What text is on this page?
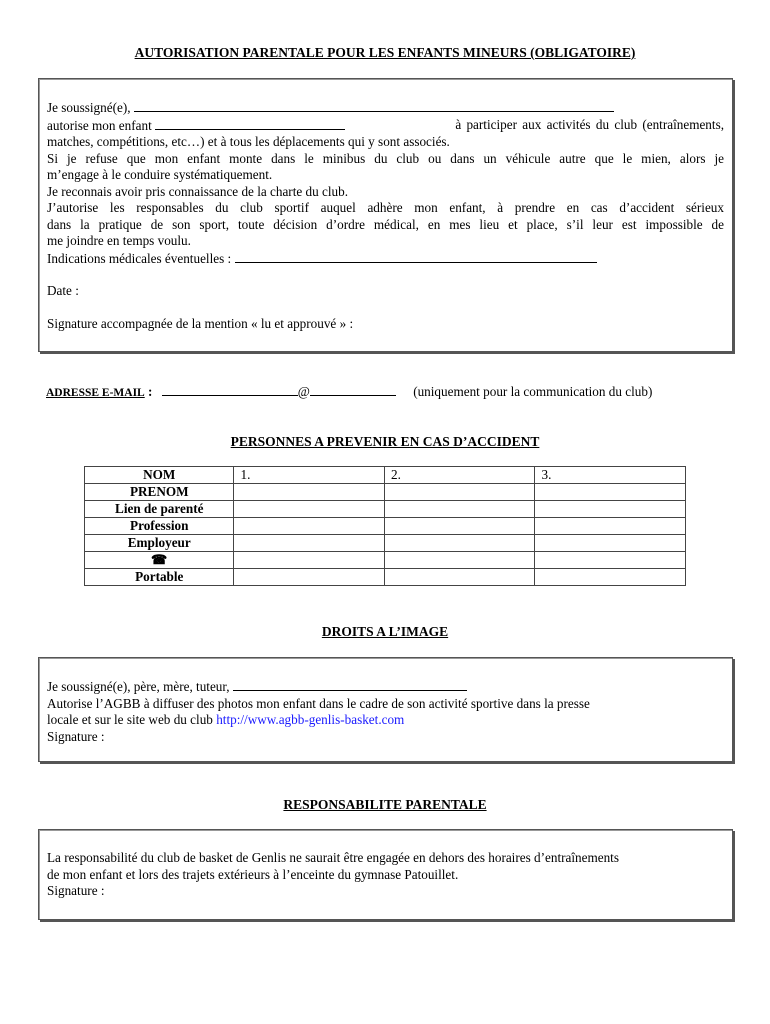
AUTORISATION PARENTALE POUR LES ENFANTS MINEURS (OBLIGATOIRE)
Je soussigné(e),
autorise mon enfant	à participer aux activités du club (entraînements,
matches, compétitions, etc…) et à tous les déplacements qui y sont associés.
Si je refuse que mon enfant monte dans le minibus du club ou dans un véhicule autre que le mien, alors je
m’engage à le conduire systématiquement.
Je reconnais avoir pris connaissance de la charte du club.
J’autorise les responsables du club sportif auquel adhère mon enfant, à prendre en cas d’accident sérieux
dans la pratique de son sport, toute décision d’ordre médical, en mes lieu et place, s’il leur est impossible de
me joindre en temps voulu.
Indications médicales éventuelles :
Date :
Signature accompagnée de la mention « lu et approuvé » :
ADRESSE E-MAIL :	@	(uniquement pour la communication du club)
PERSONNES A PREVENIR EN CAS D’ACCIDENT
NOM	1.	2.	3.
PRENOM			
Lien de parenté			
Profession			
Employeur			
☎			
Portable			
DROITS A L’IMAGE
Je soussigné(e), père, mère, tuteur,
Autorise l’AGBB à diffuser des photos mon enfant dans le cadre de son activité sportive dans la presse
locale et sur le site web du club http://www.agbb-genlis-basket.com
Signature :
RESPONSABILITE PARENTALE
La responsabilité du club de basket de Genlis ne saurait être engagée en dehors des horaires d’entraînements
de mon enfant et lors des trajets extérieurs à l’enceinte du gymnase Patouillet.
Signature :
